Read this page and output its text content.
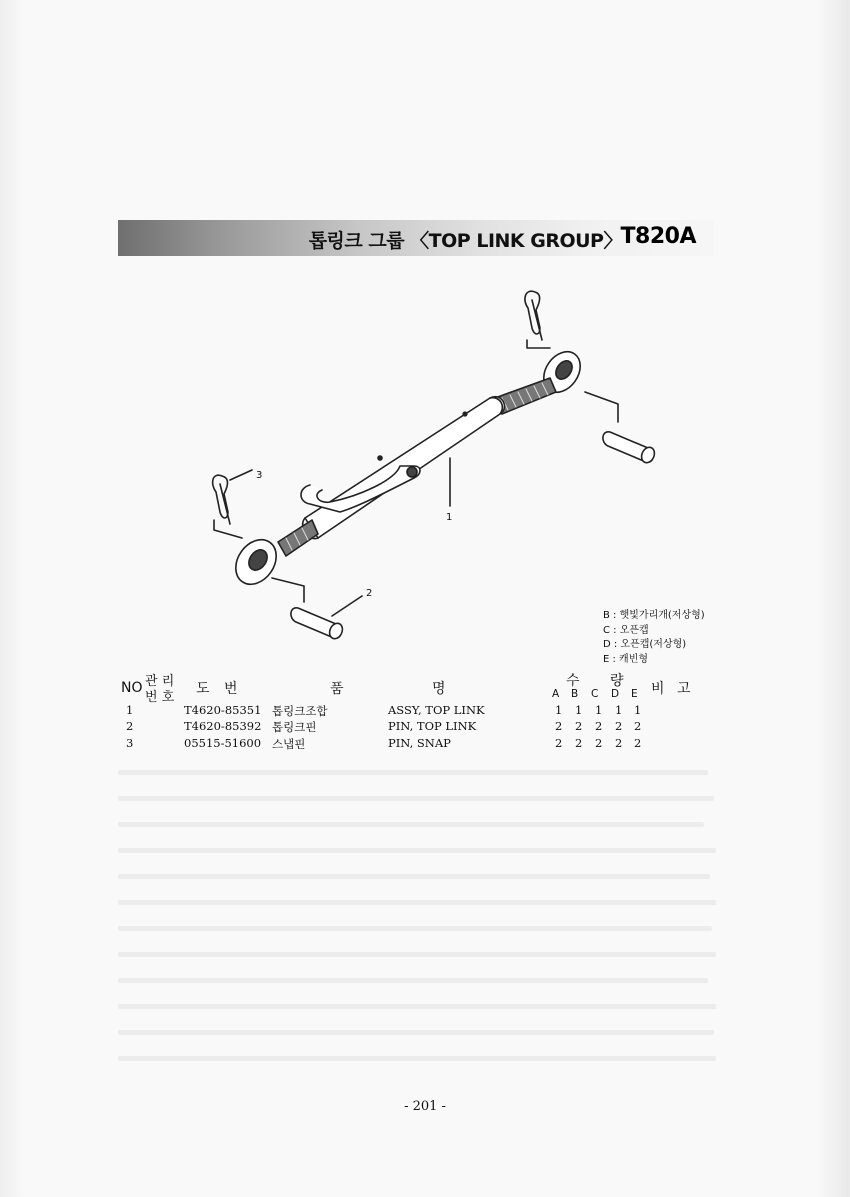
톱링크 그룹 〈TOP LINK GROUP〉
T820A
1
2
3
B : 햇빛가리개(저상형)
C : 오픈캡
D : 오픈캡(저상형)
E : 캐빈형
NO 관 리
번 호
도 번	품	명	수 량 비 고
A B C D E
1	T4620-85351 톱링크조합	ASSY, TOP LINK	1 1 1 1 1
2	T4620-85392 톱링크핀	PIN, TOP LINK	2 2 2 2 2
3	05515-51600 스냅핀	PIN, SNAP	2 2 2 2 2
- 201 -
